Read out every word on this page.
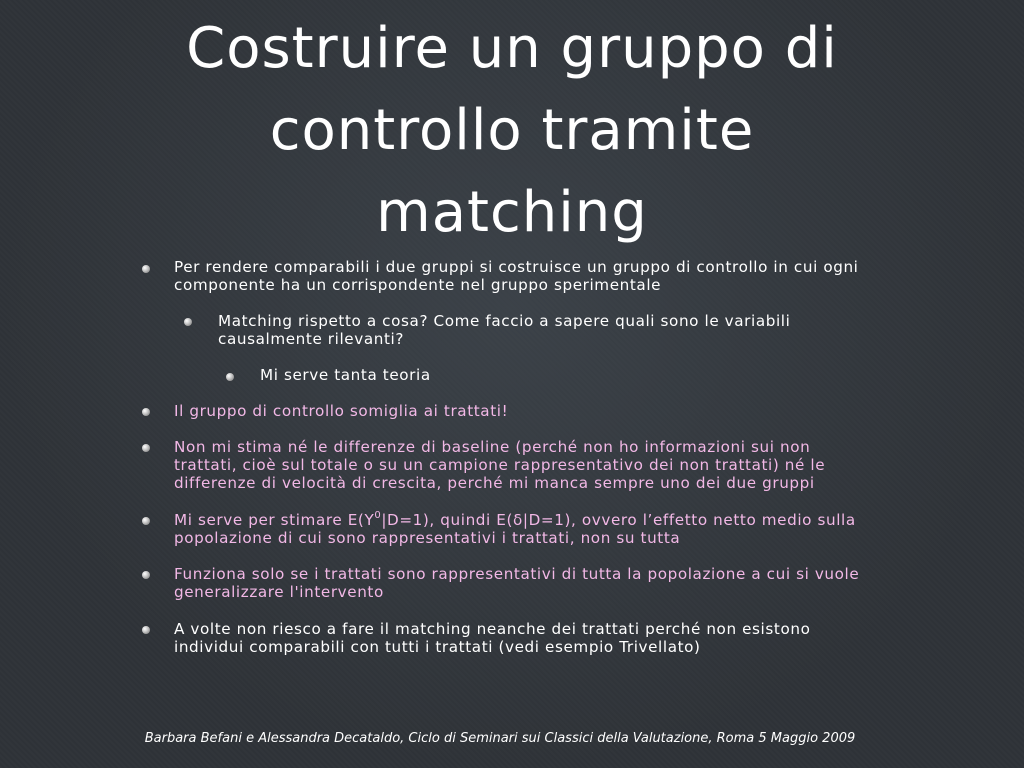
Costruire un gruppo di
controllo tramite
matching
Per rendere comparabili i due gruppi si costruisce un gruppo di controllo in cui ogni
componente ha un corrispondente nel gruppo sperimentale
Matching rispetto a cosa? Come faccio a sapere quali sono le variabili
causalmente rilevanti?
Mi serve tanta teoria
Il gruppo di controllo somiglia ai trattati!
Non mi stima né le differenze di baseline (perché non ho informazioni sui non
trattati, cioè sul totale o su un campione rappresentativo dei non trattati) né le
differenze di velocità di crescita, perché mi manca sempre uno dei due gruppi
Mi serve per stimare $E(Y^0|D=1)$, quindi E(δ|D=1), ovvero l’effetto netto medio sulla
popolazione di cui sono rappresentativi i trattati, non su tutta
Funziona solo se i trattati sono rappresentativi di tutta la popolazione a cui si vuole
generalizzare l'intervento
A volte non riesco a fare il matching neanche dei trattati perché non esistono
individui comparabili con tutti i trattati (vedi esempio Trivellato)
Barbara Befani e Alessandra Decataldo, Ciclo di Seminari sui Classici della Valutazione, Roma 5 Maggio 2009
